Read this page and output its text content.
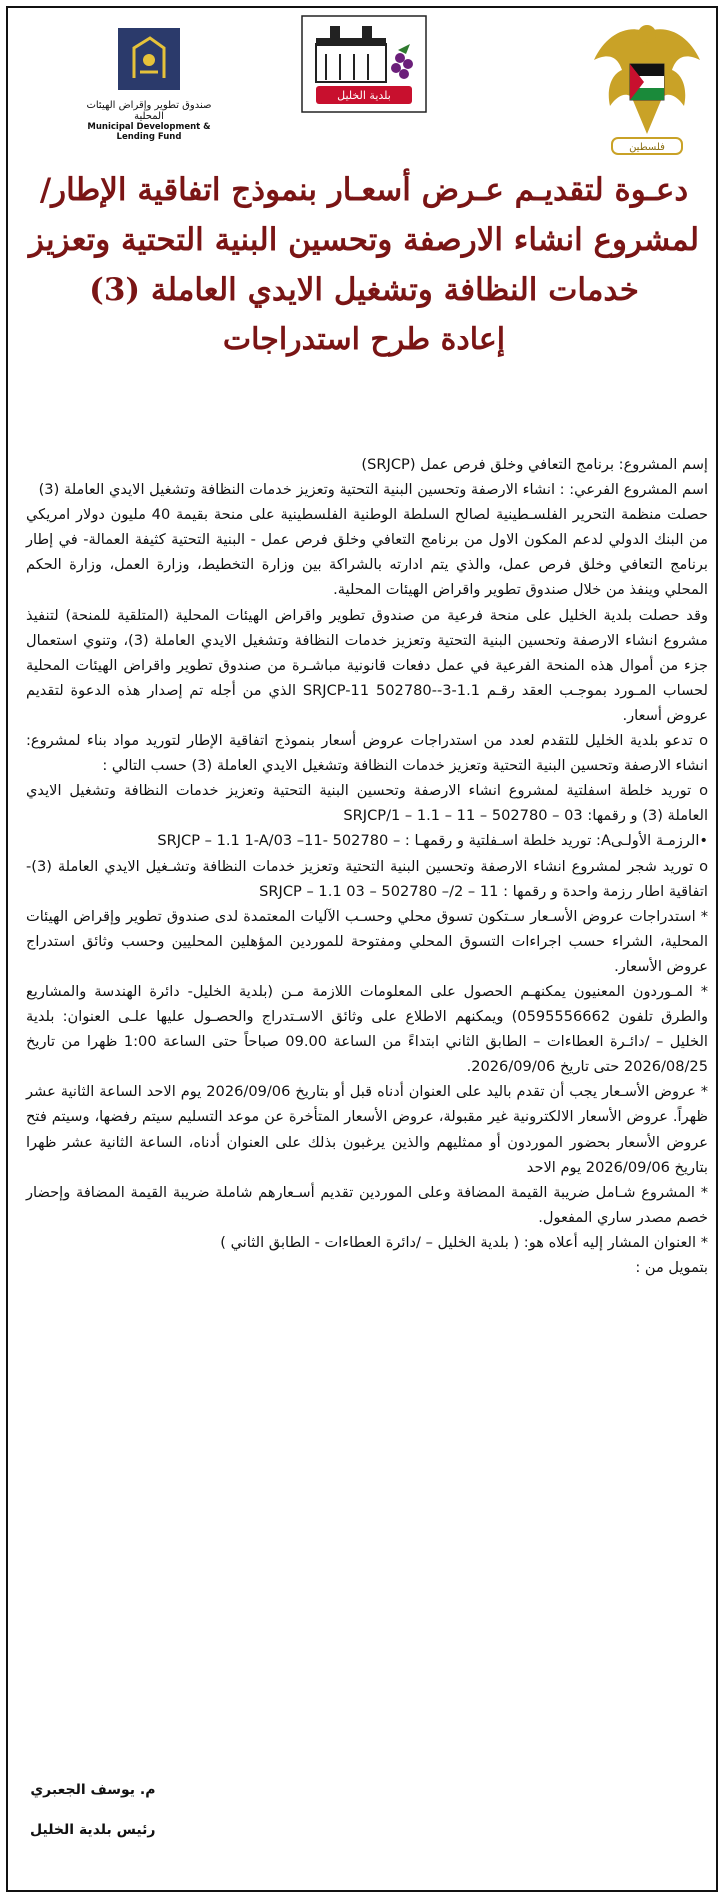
فلسطين
بلدية الخليل
صندوق تطوير وإقراض الهيئات المحلية
Municipal Development & Lending Fund
دعـوة لتقديـم عـرض أسعـار بنموذج اتفاقية الإطار/
لمشروع انشاء الارصفة وتحسين البنية التحتية وتعزيز
خدمات النظافة وتشغيل الايدي العاملة (3)
إعادة طرح استدراجات

إسم المشروع: برنامج التعافي وخلق فرص عمل (SRJCP)

اسم المشروع الفرعي: : انشاء الارصفة وتحسين البنية التحتية وتعزيز خدمات النظافة وتشغيل الايدي العاملة (3)

حصلت منظمة التحرير الفلسـطينية لصالح السلطة الوطنية الفلسطينية على منحة بقيمة 40 مليون دولار امريكي من البنك الدولي لدعم المكون الاول من برنامج التعافي وخلق فرص عمل - البنية التحتية كثيفة العمالة- في إطار برنامج التعافي وخلق فرص عمل، والذي يتم ادارته بالشراكة بين وزارة التخطيط، وزارة العمل، وزارة الحكم المحلي وينفذ من خلال صندوق تطوير واقراض الهيئات المحلية.

وقد حصلت بلدية الخليل على منحة فرعية من صندوق تطوير واقراض الهيئات المحلية (المتلقية للمنحة) لتنفيذ مشروع انشاء الارصفة وتحسين البنية التحتية وتعزيز خدمات النظافة وتشغيل الايدي العاملة (3)، وتنوي استعمال جزء من أموال هذه المنحة الفرعية في عمل دفعات قانونية مباشـرة من صندوق تطوير واقراض الهيئات المحلية لحساب المـورد بموجـب العقد رقـم 1.1-SRJCP-11 502780--3 الذي من أجله تم إصدار هذه الدعوة لتقديم عروض أسعار.

o تدعو بلدية الخليل للتقدم لعدد من استدراجات عروض أسعار بنموذج اتفاقية الإطار لتوريد مواد بناء لمشروع: انشاء الارصفة وتحسين البنية التحتية وتعزيز خدمات النظافة وتشغيل الايدي العاملة (3) حسب التالي :

o توريد خلطة اسفلتية لمشروع انشاء الارصفة وتحسين البنية التحتية وتعزيز خدمات النظافة وتشغيل الايدي العاملة (3) و رقمها: 03 – 502780 – 11 – 1.1 – 1/SRJCP

•الرزمـة الأولـىA: توريد خلطة اسـفلتية و رقمهـا : – 502780 -11– SRJCP – 1.1 1-A/03

o توريد شجر لمشروع انشاء الارصفة وتحسين البنية التحتية وتعزيز خدمات النظافة وتشـغيل الايدي العاملة (3)- اتفاقية اطار رزمة واحدة و رقمها : 11 – SRJCP – 1.1 03 – 502780 –/2

* استدراجات عروض الأسـعار سـتكون تسوق محلي وحسـب الآليات المعتمدة لدى صندوق تطوير وإقراض الهيئات المحلية، الشراء حسب اجراءات التسوق المحلي ومفتوحة للموردين المؤهلين المحليين وحسب وثائق استدراج عروض الأسعار.

* المـوردون المعنيون يمكنهـم الحصول على المعلومات اللازمة مـن (بلدية الخليل- دائرة الهندسة والمشاريع والطرق تلفون 0595556662) ويمكنهم الاطلاع على وثائق الاسـتدراج والحصـول عليها علـى العنوان: بلدية الخليل – /دائـرة العطاءات – الطابق الثاني ابتداءً من الساعة 09.00 صباحاً حتى الساعة 1:00 ظهرا من تاريخ 2026/08/25 حتى تاريخ 2026/09/06.

* عروض الأسـعار يجب أن تقدم باليد على العنوان أدناه قبل أو بتاريخ 2026/09/06 يوم الاحد الساعة الثانية عشر ظهراً. عروض الأسعار الالكترونية غير مقبولة، عروض الأسعار المتأخرة عن موعد التسليم سيتم رفضها، وسيتم فتح عروض الأسعار بحضور الموردون أو ممثليهم والذين يرغبون بذلك على العنوان أدناه، الساعة الثانية عشر ظهرا بتاريخ 2026/09/06 يوم الاحد

* المشروع شـامل ضريبة القيمة المضافة وعلى الموردين تقديم أسـعارهم شاملة ضريبة القيمة المضافة وإحضار خصم مصدر ساري المفعول.

* العنوان المشار إليه أعلاه هو: ( بلدية الخليل – /دائرة العطاءات - الطابق الثاني )

بتمويل من :

م. يوسف الجعبري
رئيس بلدية الخليل
